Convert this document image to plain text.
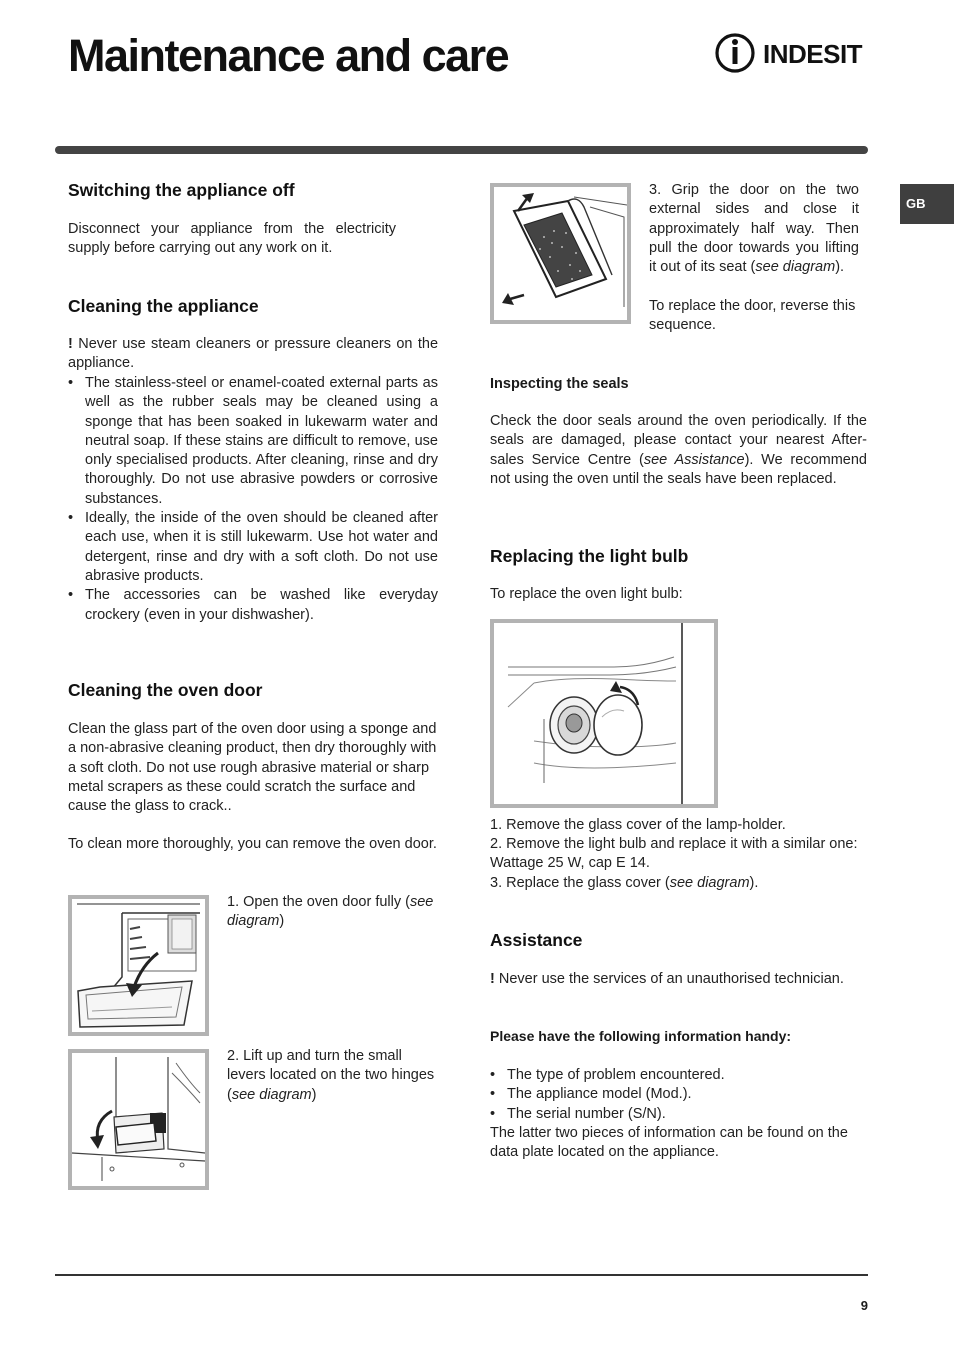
Maintenance and care	INDESIT
GB
Switching the appliance off

Disconnect your appliance from the electricity supply before carrying out any work on it.

Cleaning the appliance

! Never use steam cleaners or pressure cleaners on the appliance.

• The stainless-steel or enamel-coated external parts as well as the rubber seals may be cleaned using a sponge that has been soaked in lukewarm water and neutral soap. If these stains are difficult to remove, use only specialised products. After cleaning, rinse and dry thoroughly. Do not use abrasive powders or corrosive substances.
• Ideally, the inside of the oven should be cleaned after each use, when it is still lukewarm. Use hot water and detergent, rinse and dry with a soft cloth. Do not use abrasive products.
• The accessories can be washed like everyday crockery (even in your dishwasher).
Cleaning the oven door

Clean the glass part of the oven door using a sponge and a non-abrasive cleaning product, then dry thoroughly with a soft cloth. Do not use rough abrasive material or sharp metal scrapers as these could scratch the surface and cause the glass to crack..

To clean more thoroughly, you can remove the oven door.

1. Open the oven door fully (see diagram)

2. Lift up and turn the small levers located on the two hinges (see diagram)

3. Grip the door on the two external sides and close it approximately half way. Then pull the door towards you lifting it out of its seat (see diagram).

To replace the door, reverse this sequence.

Inspecting the seals

Check the door seals around the oven periodically. If the seals are damaged, please contact your nearest After-sales Service Centre (see Assistance). We recommend not using the oven until the seals have been replaced.

Replacing the light bulb

To replace the oven light bulb:

1. Remove the glass cover of the lamp-holder.

2. Remove the light bulb and replace it with a similar one: Wattage 25 W, cap E 14.

3. Replace the glass cover (see diagram).

Assistance

! Never use the services of an unauthorised technician.

Please have the following information handy:
• The type of problem encountered.
• The appliance model (Mod.).
• The serial number (S/N).

The latter two pieces of information can be found on the data plate located on the appliance.

9
